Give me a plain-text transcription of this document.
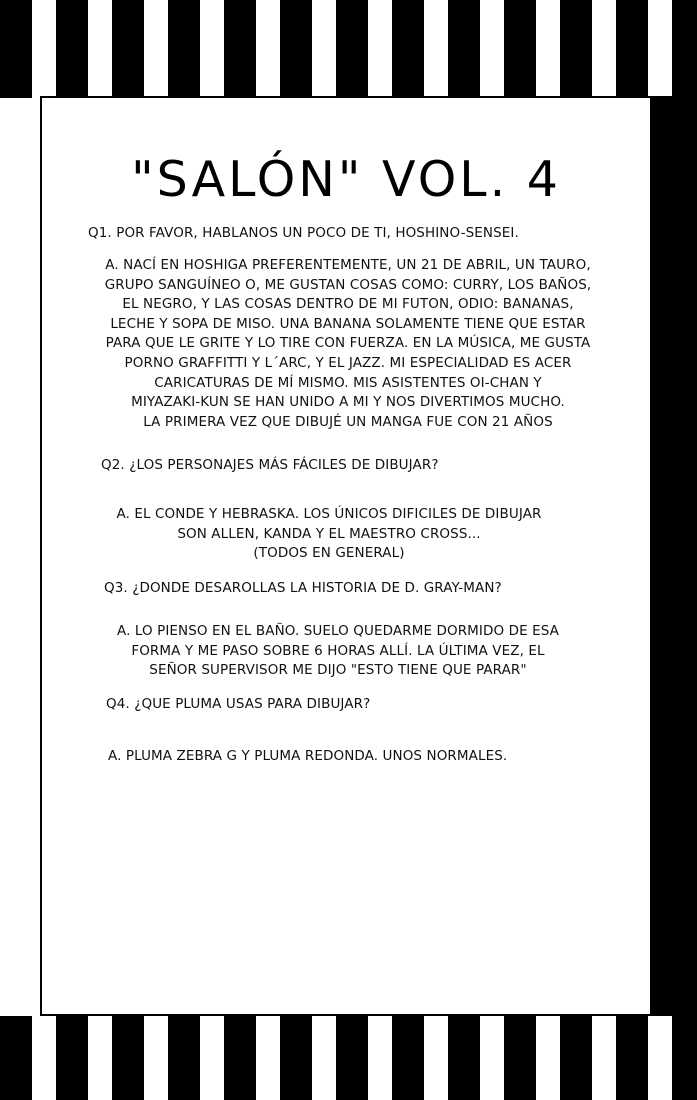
"SALÓN" VOL. 4
Q1. POR FAVOR, HABLANOS UN POCO DE TI, HOSHINO-SENSEI.
A. NACÍ EN HOSHIGA PREFERENTEMENTE, UN 21 DE ABRIL, UN TAURO,
GRUPO SANGUÍNEO O, ME GUSTAN COSAS COMO: CURRY, LOS BAÑOS,
EL NEGRO, Y LAS COSAS DENTRO DE MI FUTON, ODIO: BANANAS,
LECHE Y SOPA DE MISO. UNA BANANA SOLAMENTE TIENE QUE ESTAR
PARA QUE LE GRITE Y LO TIRE CON FUERZA. EN LA MÚSICA, ME GUSTA
PORNO GRAFFITTI Y L´ARC, Y EL JAZZ. MI ESPECIALIDAD ES ACER
CARICATURAS DE MÍ MISMO. MIS ASISTENTES OI-CHAN Y
MIYAZAKI-KUN SE HAN UNIDO A MI Y NOS DIVERTIMOS MUCHO.
LA PRIMERA VEZ QUE DIBUJÉ UN MANGA FUE CON 21 AÑOS
Q2. ¿LOS PERSONAJES MÁS FÁCILES DE DIBUJAR?
A. EL CONDE Y HEBRASKA. LOS ÚNICOS DIFICILES DE DIBUJAR
SON ALLEN, KANDA Y EL MAESTRO CROSS...
(TODOS EN GENERAL)
Q3. ¿DONDE DESAROLLAS LA HISTORIA DE D. GRAY-MAN?
A. LO PIENSO EN EL BAÑO. SUELO QUEDARME DORMIDO DE ESA
FORMA Y ME PASO SOBRE 6 HORAS ALLÍ. LA ÚLTIMA VEZ, EL
SEÑOR SUPERVISOR ME DIJO "ESTO TIENE QUE PARAR"
Q4. ¿QUE PLUMA USAS PARA DIBUJAR?
A. PLUMA ZEBRA G Y PLUMA REDONDA. UNOS NORMALES.
